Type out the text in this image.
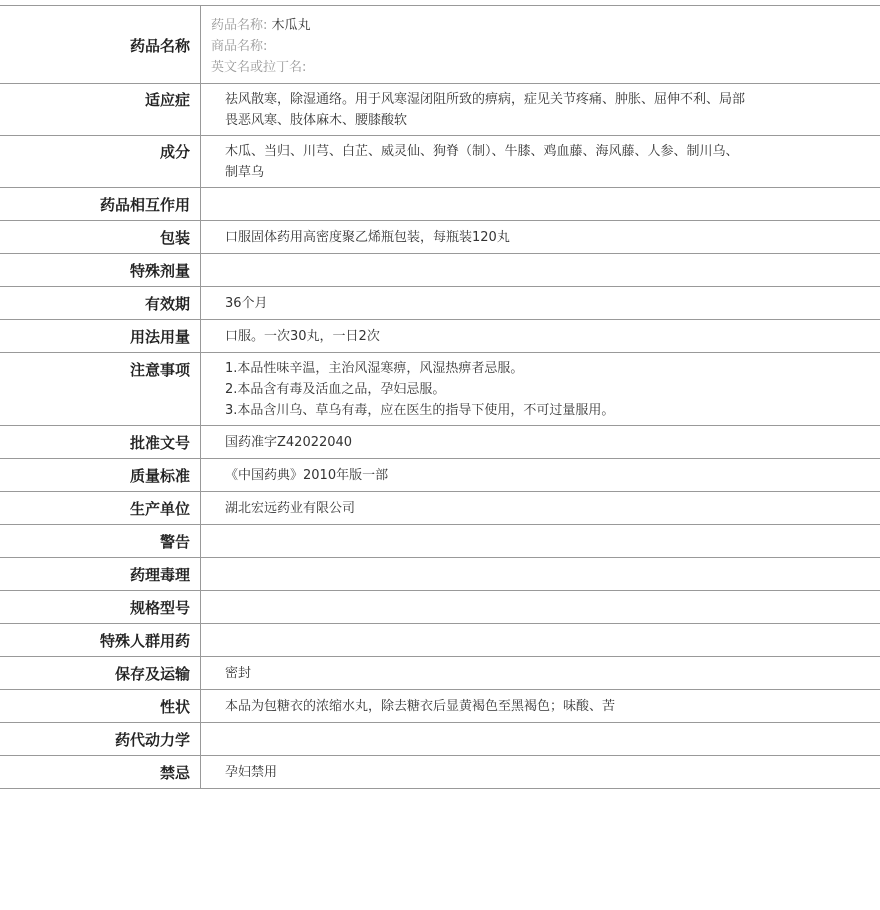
药品名称	药品名称: 木瓜丸
商品名称:
英文名或拉丁名:

适应症	祛风散寒，除湿通络。用于风寒湿闭阻所致的痹病，症见关节疼痛、肿胀、屈伸不利、局部
畏恶风寒、肢体麻木、腰膝酸软

成分	木瓜、当归、川芎、白芷、威灵仙、狗脊（制）、牛膝、鸡血藤、海风藤、人参、制川乌、
制草乌

药品相互作用	
包装	口服固体药用高密度聚乙烯瓶包装，每瓶装120丸

特殊剂量	
有效期	36个月

用法用量	口服。一次30丸，一日2次

注意事项	1.本品性味辛温，主治风湿寒痹，风湿热痹者忌服。
2.本品含有毒及活血之品，孕妇忌服。
3.本品含川乌、草乌有毒，应在医生的指导下使用，不可过量服用。

批准文号	国药准字Z42022040

质量标准	《中国药典》2010年版一部

生产单位	湖北宏远药业有限公司

警告	
药理毒理	
规格型号	
特殊人群用药	
保存及运输	密封

性状	本品为包糖衣的浓缩水丸，除去糖衣后显黄褐色至黑褐色；味酸、苦

药代动力学	
禁忌	孕妇禁用
